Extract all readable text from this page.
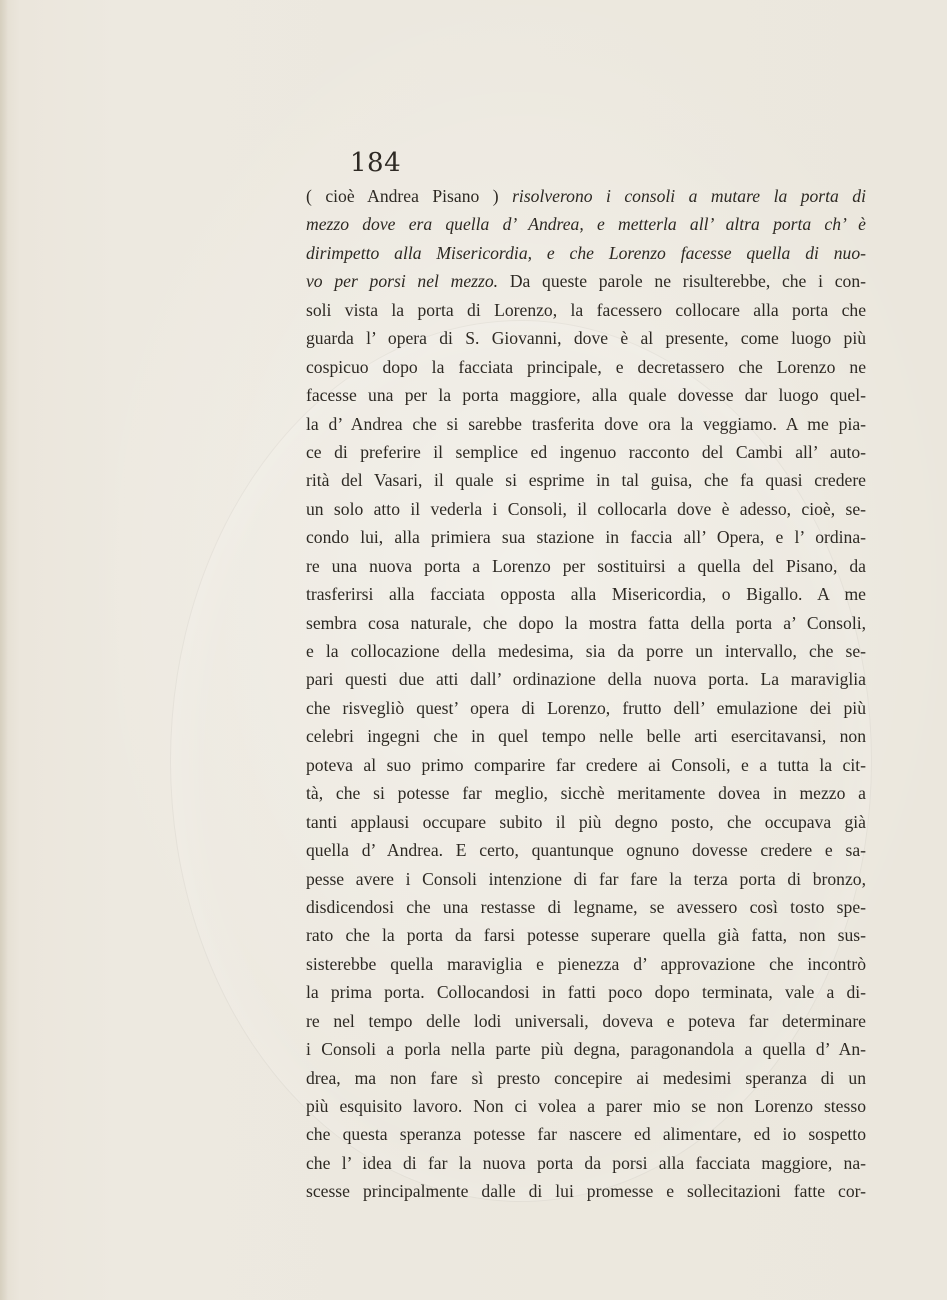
184
( cioè Andrea Pisano ) risolverono i consoli a mutare la porta di
mezzo dove era quella d’ Andrea, e metterla all’ altra porta ch’ è
dirimpetto alla Misericordia, e che Lorenzo facesse quella di nuo-
vo per porsi nel mezzo. Da queste parole ne risulterebbe, che i con-
soli vista la porta di Lorenzo, la facessero collocare alla porta che
guarda l’ opera di S. Giovanni, dove è al presente, come luogo più
cospicuo dopo la facciata principale, e decretassero che Lorenzo ne
facesse una per la porta maggiore, alla quale dovesse dar luogo quel-
la d’ Andrea che si sarebbe trasferita dove ora la veggiamo. A me pia-
ce di preferire il semplice ed ingenuo racconto del Cambi all’ auto-
rità del Vasari, il quale si esprime in tal guisa, che fa quasi credere
un solo atto il vederla i Consoli, il collocarla dove è adesso, cioè, se-
condo lui, alla primiera sua stazione in faccia all’ Opera, e l’ ordina-
re una nuova porta a Lorenzo per sostituirsi a quella del Pisano, da
trasferirsi alla facciata opposta alla Misericordia, o Bigallo. A me
sembra cosa naturale, che dopo la mostra fatta della porta a’ Consoli,
e la collocazione della medesima, sia da porre un intervallo, che se-
pari questi due atti dall’ ordinazione della nuova porta. La maraviglia
che risvegliò quest’ opera di Lorenzo, frutto dell’ emulazione dei più
celebri ingegni che in quel tempo nelle belle arti esercitavansi, non
poteva al suo primo comparire far credere ai Consoli, e a tutta la cit-
tà, che si potesse far meglio, sicchè meritamente dovea in mezzo a
tanti applausi occupare subito il più degno posto, che occupava già
quella d’ Andrea. E certo, quantunque ognuno dovesse credere e sa-
pesse avere i Consoli intenzione di far fare la terza porta di bronzo,
disdicendosi che una restasse di legname, se avessero così tosto spe-
rato che la porta da farsi potesse superare quella già fatta, non sus-
sisterebbe quella maraviglia e pienezza d’ approvazione che incontrò
la prima porta. Collocandosi in fatti poco dopo terminata, vale a di-
re nel tempo delle lodi universali, doveva e poteva far determinare
i Consoli a porla nella parte più degna, paragonandola a quella d’ An-
drea, ma non fare sì presto concepire ai medesimi speranza di un
più esquisito lavoro. Non ci volea a parer mio se non Lorenzo stesso
che questa speranza potesse far nascere ed alimentare, ed io sospetto
che l’ idea di far la nuova porta da porsi alla facciata maggiore, na-
scesse principalmente dalle di lui promesse e sollecitazioni fatte cor-
